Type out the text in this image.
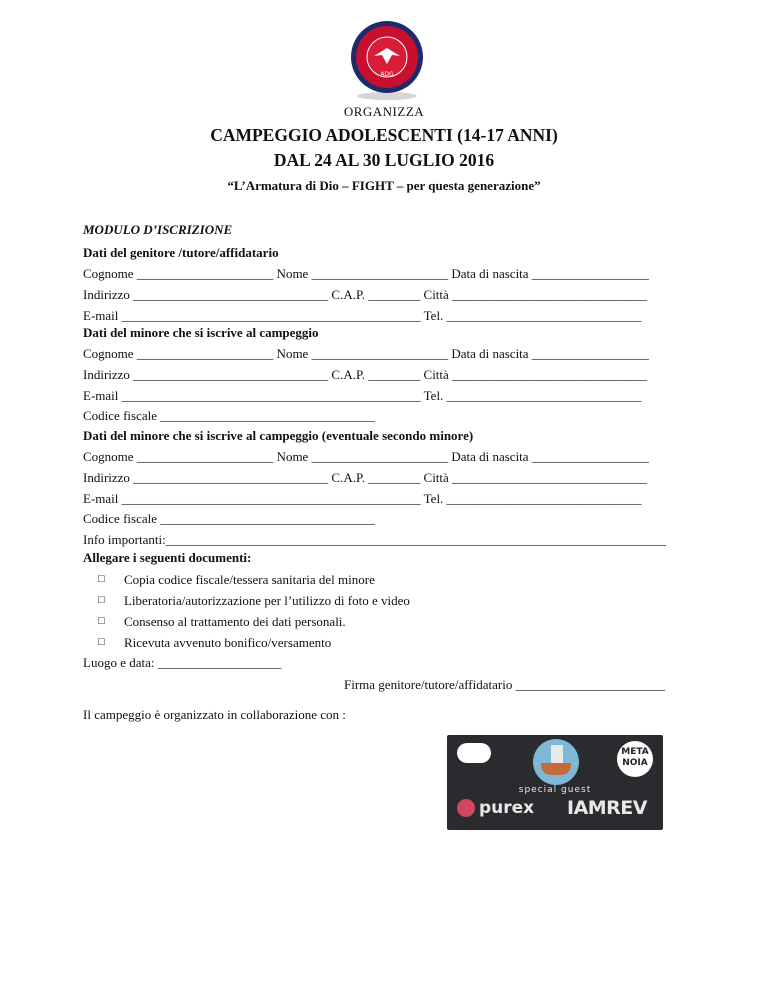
ADG
ORGANIZZA
CAMPEGGIO ADOLESCENTI (14-17 ANNI)
DAL 24 AL 30 LUGLIO 2016
“L’Armatura di Dio – FIGHT – per questa generazione”
MODULO D’ISCRIZIONE
Dati del genitore /tutore/affidatario
Cognome _____________________ Nome _____________________ Data di nascita __________________
Indirizzo ______________________________ C.A.P. ________ Città ______________________________
E-mail ______________________________________________ Tel. ______________________________
Dati del minore che si iscrive al campeggio
Cognome _____________________ Nome _____________________ Data di nascita __________________
Indirizzo ______________________________ C.A.P. ________ Città ______________________________
E-mail ______________________________________________ Tel. ______________________________
Codice fiscale _________________________________
Dati del minore che si iscrive al campeggio (eventuale secondo minore)
Cognome _____________________ Nome _____________________ Data di nascita __________________
Indirizzo ______________________________ C.A.P. ________ Città ______________________________
E-mail ______________________________________________ Tel. ______________________________
Codice fiscale _________________________________
Info importanti:_____________________________________________________________________________
Allegare i seguenti documenti:
□ Copia codice fiscale/tessera sanitaria del minore
□ Liberatoria/autorizzazione per l’utilizzo di foto e video
□ Consenso al trattamento dei dati personali.
□ Ricevuta avvenuto bonifico/versamento
Luogo e data: ___________________
Firma genitore/tutore/affidatario _______________________
Il campeggio è organizzato in collaborazione con :
META NOIA
special guest
purex IAMREV
